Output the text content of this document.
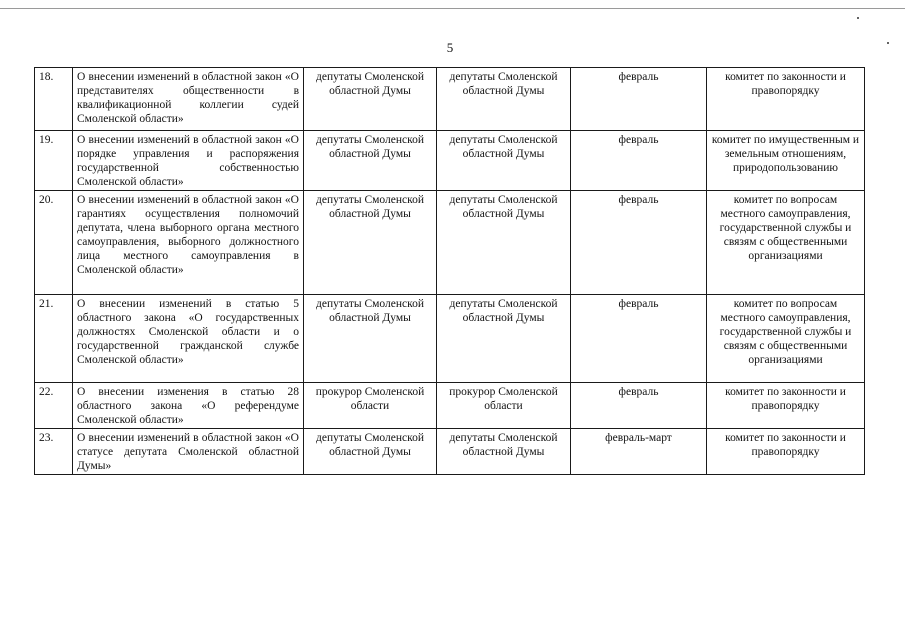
5
18.	О внесении изменений в областной закон «О представителях общественности в квалификационной коллегии судей Смоленской области»	депутаты Смоленской областной Думы	депутаты Смоленской областной Думы	февраль	комитет по законности и правопорядку
19.	О внесении изменений в областной закон «О порядке управления и распоряжения государственной собственностью Смоленской области»	депутаты Смоленской областной Думы	депутаты Смоленской областной Думы	февраль	комитет по имущественным и земельным отношениям, природопользованию
20.	О внесении изменений в областной закон «О гарантиях осуществления полномочий депутата, члена выборного органа местного самоуправления, выборного должностного лица местного самоуправления в Смоленской области»	депутаты Смоленской областной Думы	депутаты Смоленской областной Думы	февраль	комитет по вопросам местного самоуправления, государственной службы и связям с общественными организациями
21.	О внесении изменений в статью 5 областного закона «О государственных должностях Смоленской области и о государственной гражданской службе Смоленской области»	депутаты Смоленской областной Думы	депутаты Смоленской областной Думы	февраль	комитет по вопросам местного самоуправления, государственной службы и связям с общественными организациями
22.	О внесении изменения в статью 28 областного закона «О референдуме Смоленской области»	прокурор Смоленской области	прокурор Смоленской области	февраль	комитет по законности и правопорядку
23.	О внесении изменений в областной закон «О статусе депутата Смоленской областной Думы»	депутаты Смоленской областной Думы	депутаты Смоленской областной Думы	февраль-март	комитет по законности и правопорядку
